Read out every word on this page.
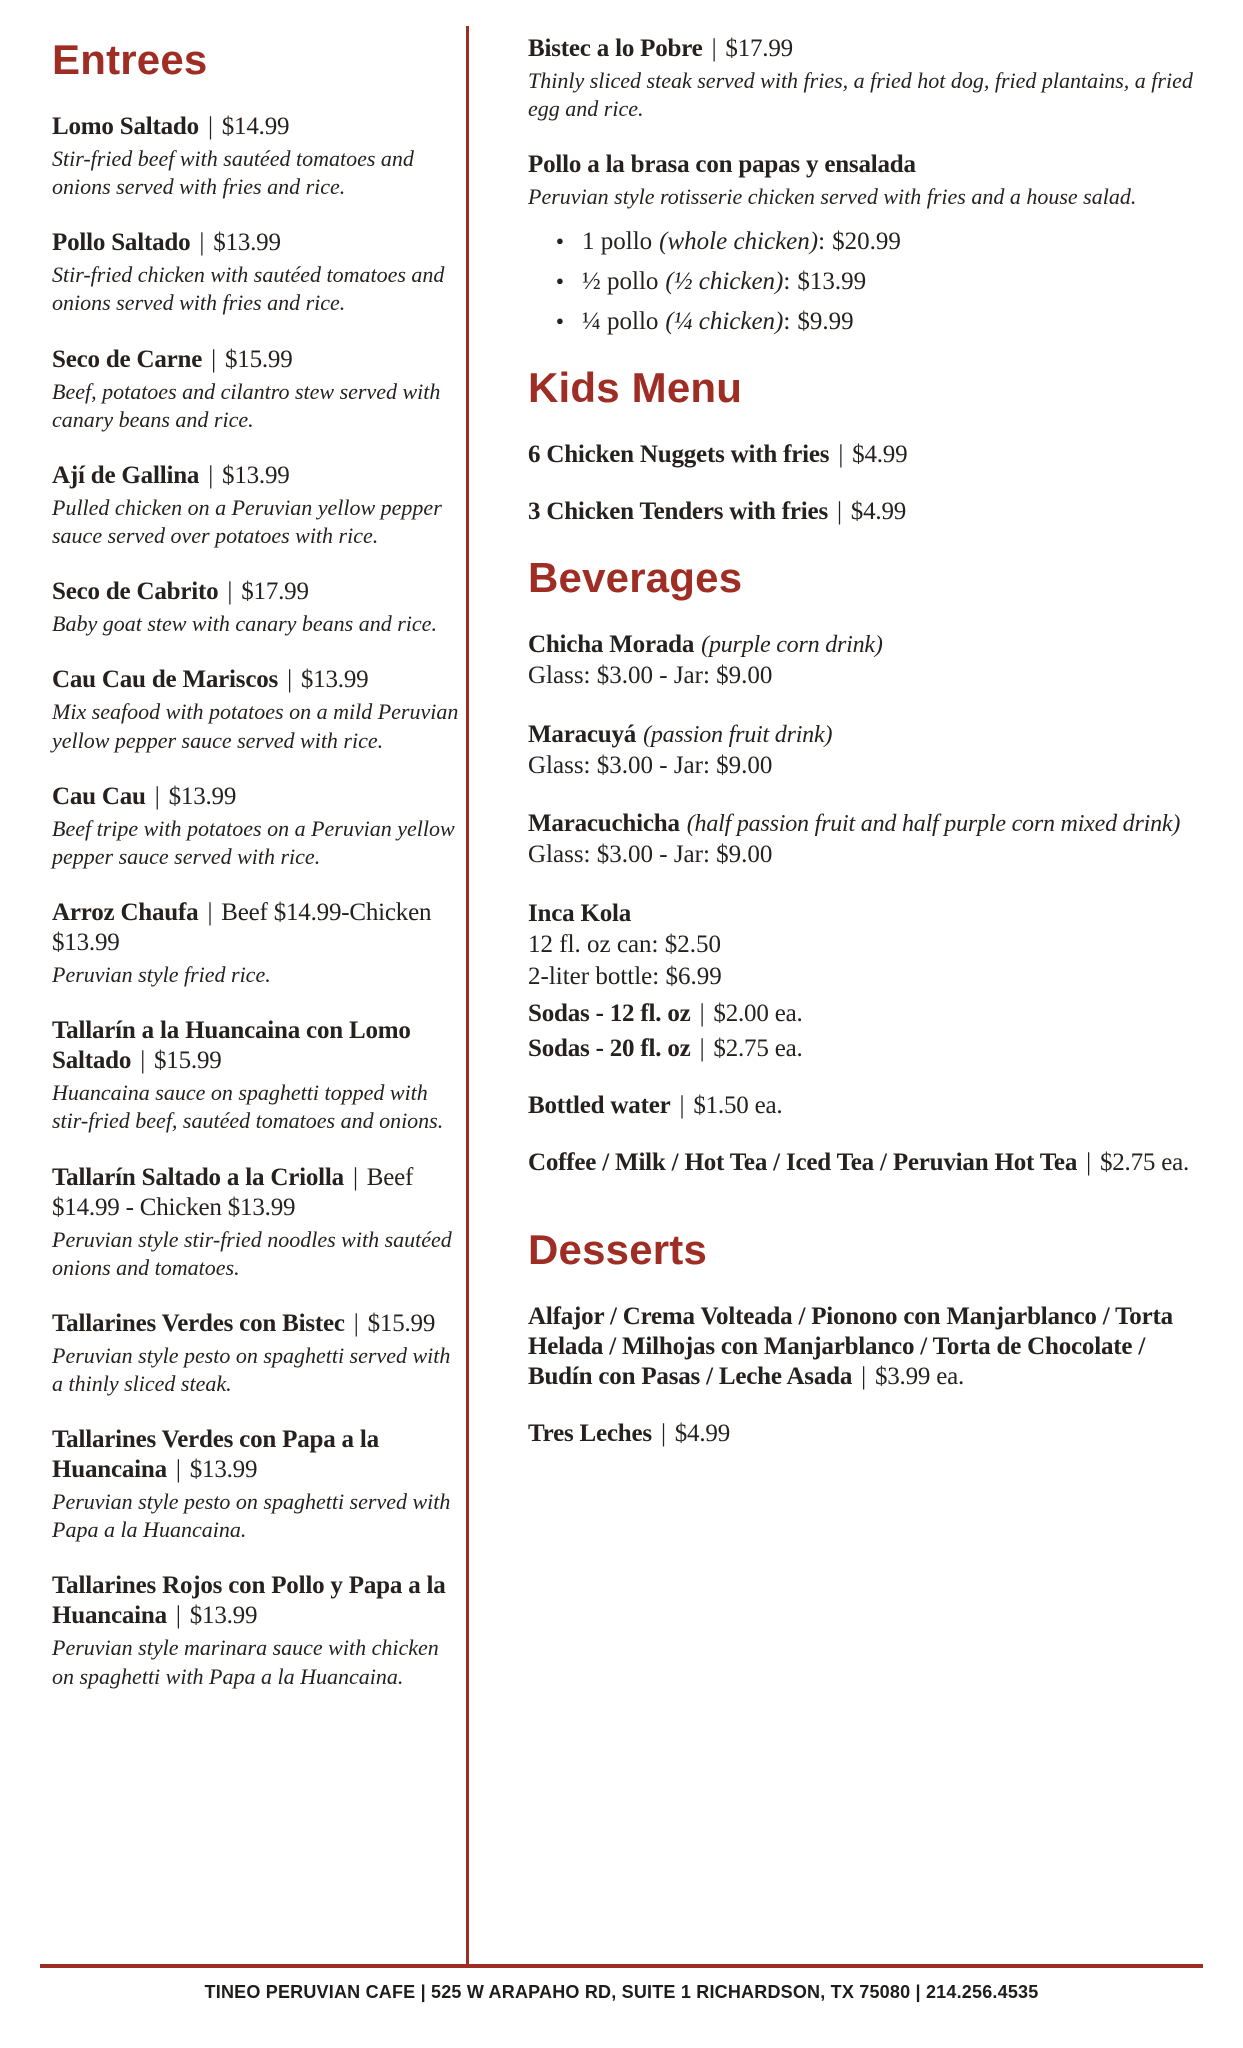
Entrees
Lomo Saltado | $14.99
Stir-fried beef with sautéed tomatoes and onions served with fries and rice.
Pollo Saltado | $13.99
Stir-fried chicken with sautéed tomatoes and onions served with fries and rice.
Seco de Carne | $15.99
Beef, potatoes and cilantro stew served with canary beans and rice.
Ají de Gallina | $13.99
Pulled chicken on a Peruvian yellow pepper sauce served over potatoes with rice.
Seco de Cabrito | $17.99
Baby goat stew with canary beans and rice.
Cau Cau de Mariscos | $13.99
Mix seafood with potatoes on a mild Peruvian yellow pepper sauce served with rice.
Cau Cau | $13.99
Beef tripe with potatoes on a Peruvian yellow pepper sauce served with rice.
Arroz Chaufa | Beef $14.99-Chicken $13.99
Peruvian style fried rice.
Tallarín a la Huancaina con Lomo Saltado | $15.99
Huancaina sauce on spaghetti topped with stir-fried beef, sautéed tomatoes and onions.
Tallarín Saltado a la Criolla | Beef $14.99 - Chicken $13.99
Peruvian style stir-fried noodles with sautéed onions and tomatoes.
Tallarines Verdes con Bistec | $15.99
Peruvian style pesto on spaghetti served with a thinly sliced steak.
Tallarines Verdes con Papa a la Huancaina | $13.99
Peruvian style pesto on spaghetti served with Papa a la Huancaina.
Tallarines Rojos con Pollo y Papa a la Huancaina | $13.99
Peruvian style marinara sauce with chicken on spaghetti with Papa a la Huancaina.
Bistec a lo Pobre | $17.99
Thinly sliced steak served with fries, a fried hot dog, fried plantains, a fried egg and rice.
Pollo a la brasa con papas y ensalada
Peruvian style rotisserie chicken served with fries and a house salad.
● 1 pollo (whole chicken): $20.99
● ½ pollo (½ chicken): $13.99
● ¼ pollo (¼ chicken): $9.99
Kids Menu
6 Chicken Nuggets with fries | $4.99
3 Chicken Tenders with fries | $4.99
Beverages
Chicha Morada (purple corn drink)
Glass: $3.00 - Jar: $9.00
Maracuyá (passion fruit drink)
Glass: $3.00 - Jar: $9.00
Maracuchicha (half passion fruit and half purple corn mixed drink)
Glass: $3.00 - Jar: $9.00
Inca Kola
12 fl. oz can: $2.50
2-liter bottle: $6.99
Sodas - 12 fl. oz | $2.00 ea.
Sodas - 20 fl. oz | $2.75 ea.
Bottled water | $1.50 ea.
Coffee / Milk / Hot Tea / Iced Tea / Peruvian Hot Tea | $2.75 ea.
Desserts
Alfajor / Crema Volteada / Pionono con Manjarblanco / Torta Helada / Milhojas con Manjarblanco / Torta de Chocolate / Budín con Pasas / Leche Asada | $3.99 ea.
Tres Leches | $4.99
TINEO PERUVIAN CAFE | 525 W ARAPAHO RD, SUITE 1 RICHARDSON, TX 75080 | 214.256.4535
